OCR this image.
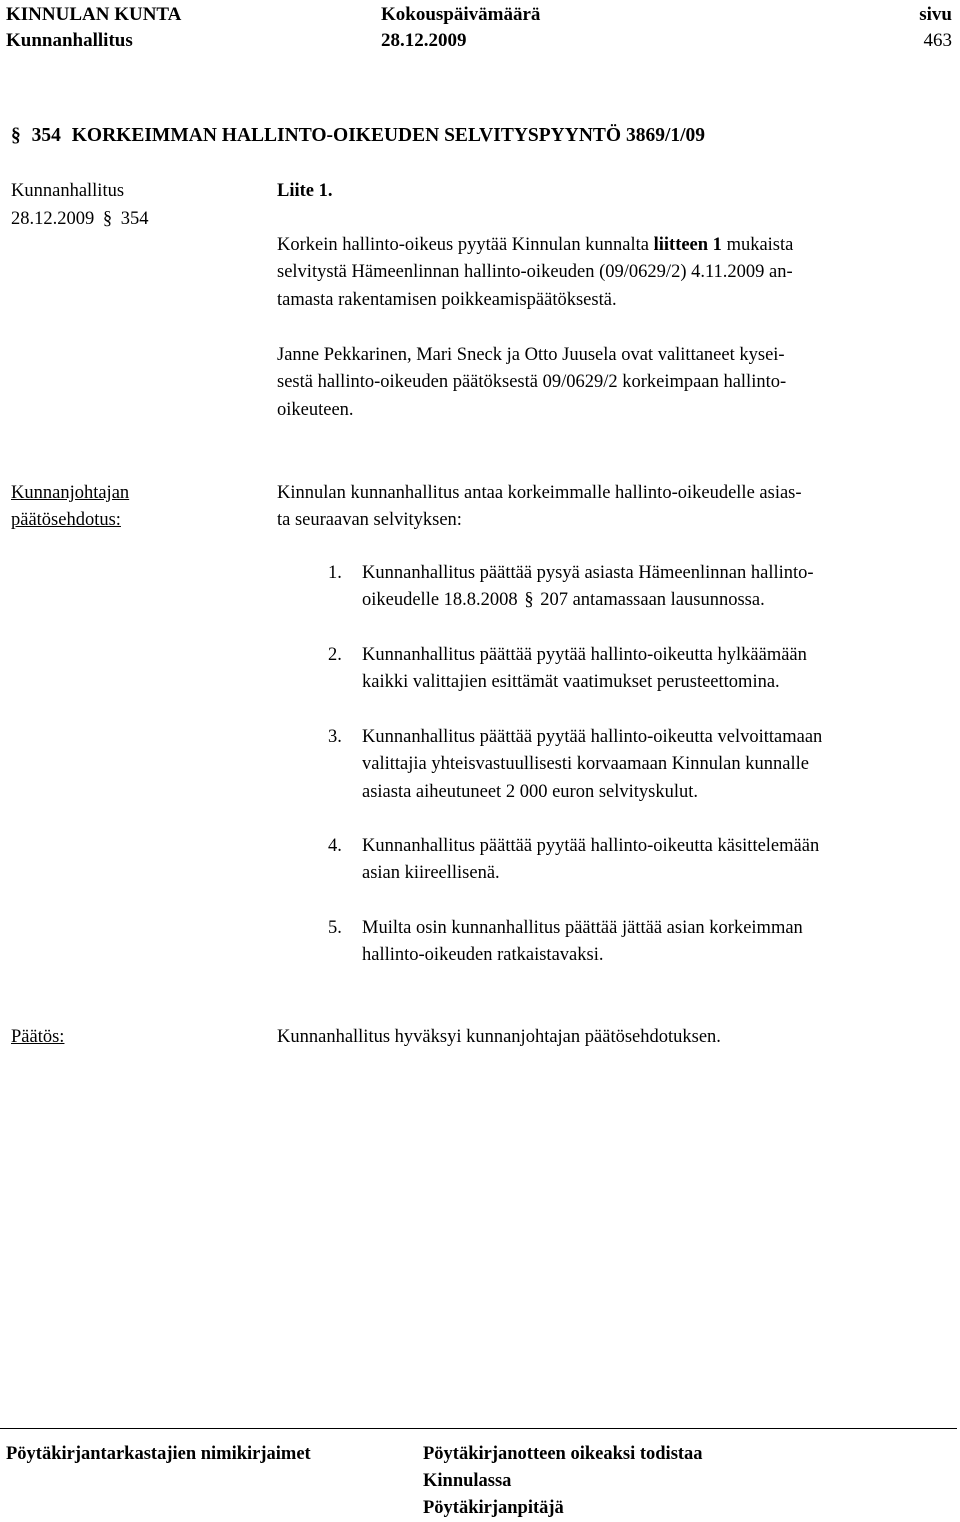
KINNULAN KUNTA
Kunnanhallitus
Kokouspäivämäärä
28.12.2009
sivu
463
§ 354 KORKEIMMAN HALLINTO-OIKEUDEN SELVITYSPYYNTÖ 3869/1/09
Kunnanhallitus
28.12.2009 § 354
Liite 1.
Korkein hallinto-oikeus pyytää Kinnulan kunnalta liitteen 1 mukaista
selvitystä Hämeenlinnan hallinto-oikeuden (09/0629/2) 4.11.2009 an-
tamasta rakentamisen poikkeamispäätöksestä.
Janne Pekkarinen, Mari Sneck ja Otto Juusela ovat valittaneet kysei-
sestä hallinto-oikeuden päätöksestä 09/0629/2 korkeimpaan hallinto-
oikeuteen.
Kunnanjohtajan
päätösehdotus:
Kinnulan kunnanhallitus antaa korkeimmalle hallinto-oikeudelle asias-
ta seuraavan selvityksen:
1. Kunnanhallitus päättää pysyä asiasta Hämeenlinnan hallinto-
oikeudelle 18.8.2008 § 207 antamassaan lausunnossa.
2. Kunnanhallitus päättää pyytää hallinto-oikeutta hylkäämään
kaikki valittajien esittämät vaatimukset perusteettomina.
3. Kunnanhallitus päättää pyytää hallinto-oikeutta velvoittamaan
valittajia yhteisvastuullisesti korvaamaan Kinnulan kunnalle
asiasta aiheutuneet 2 000 euron selvityskulut.
4. Kunnanhallitus päättää pyytää hallinto-oikeutta käsittelemään
asian kiireellisenä.
5. Muilta osin kunnanhallitus päättää jättää asian korkeimman
hallinto-oikeuden ratkaistavaksi.
Päätös:	Kunnanhallitus hyväksyi kunnanjohtajan päätösehdotuksen.
Pöytäkirjantarkastajien nimikirjaimet	Pöytäkirjanotteen oikeaksi todistaa
Kinnulassa
Pöytäkirjanpitäjä
